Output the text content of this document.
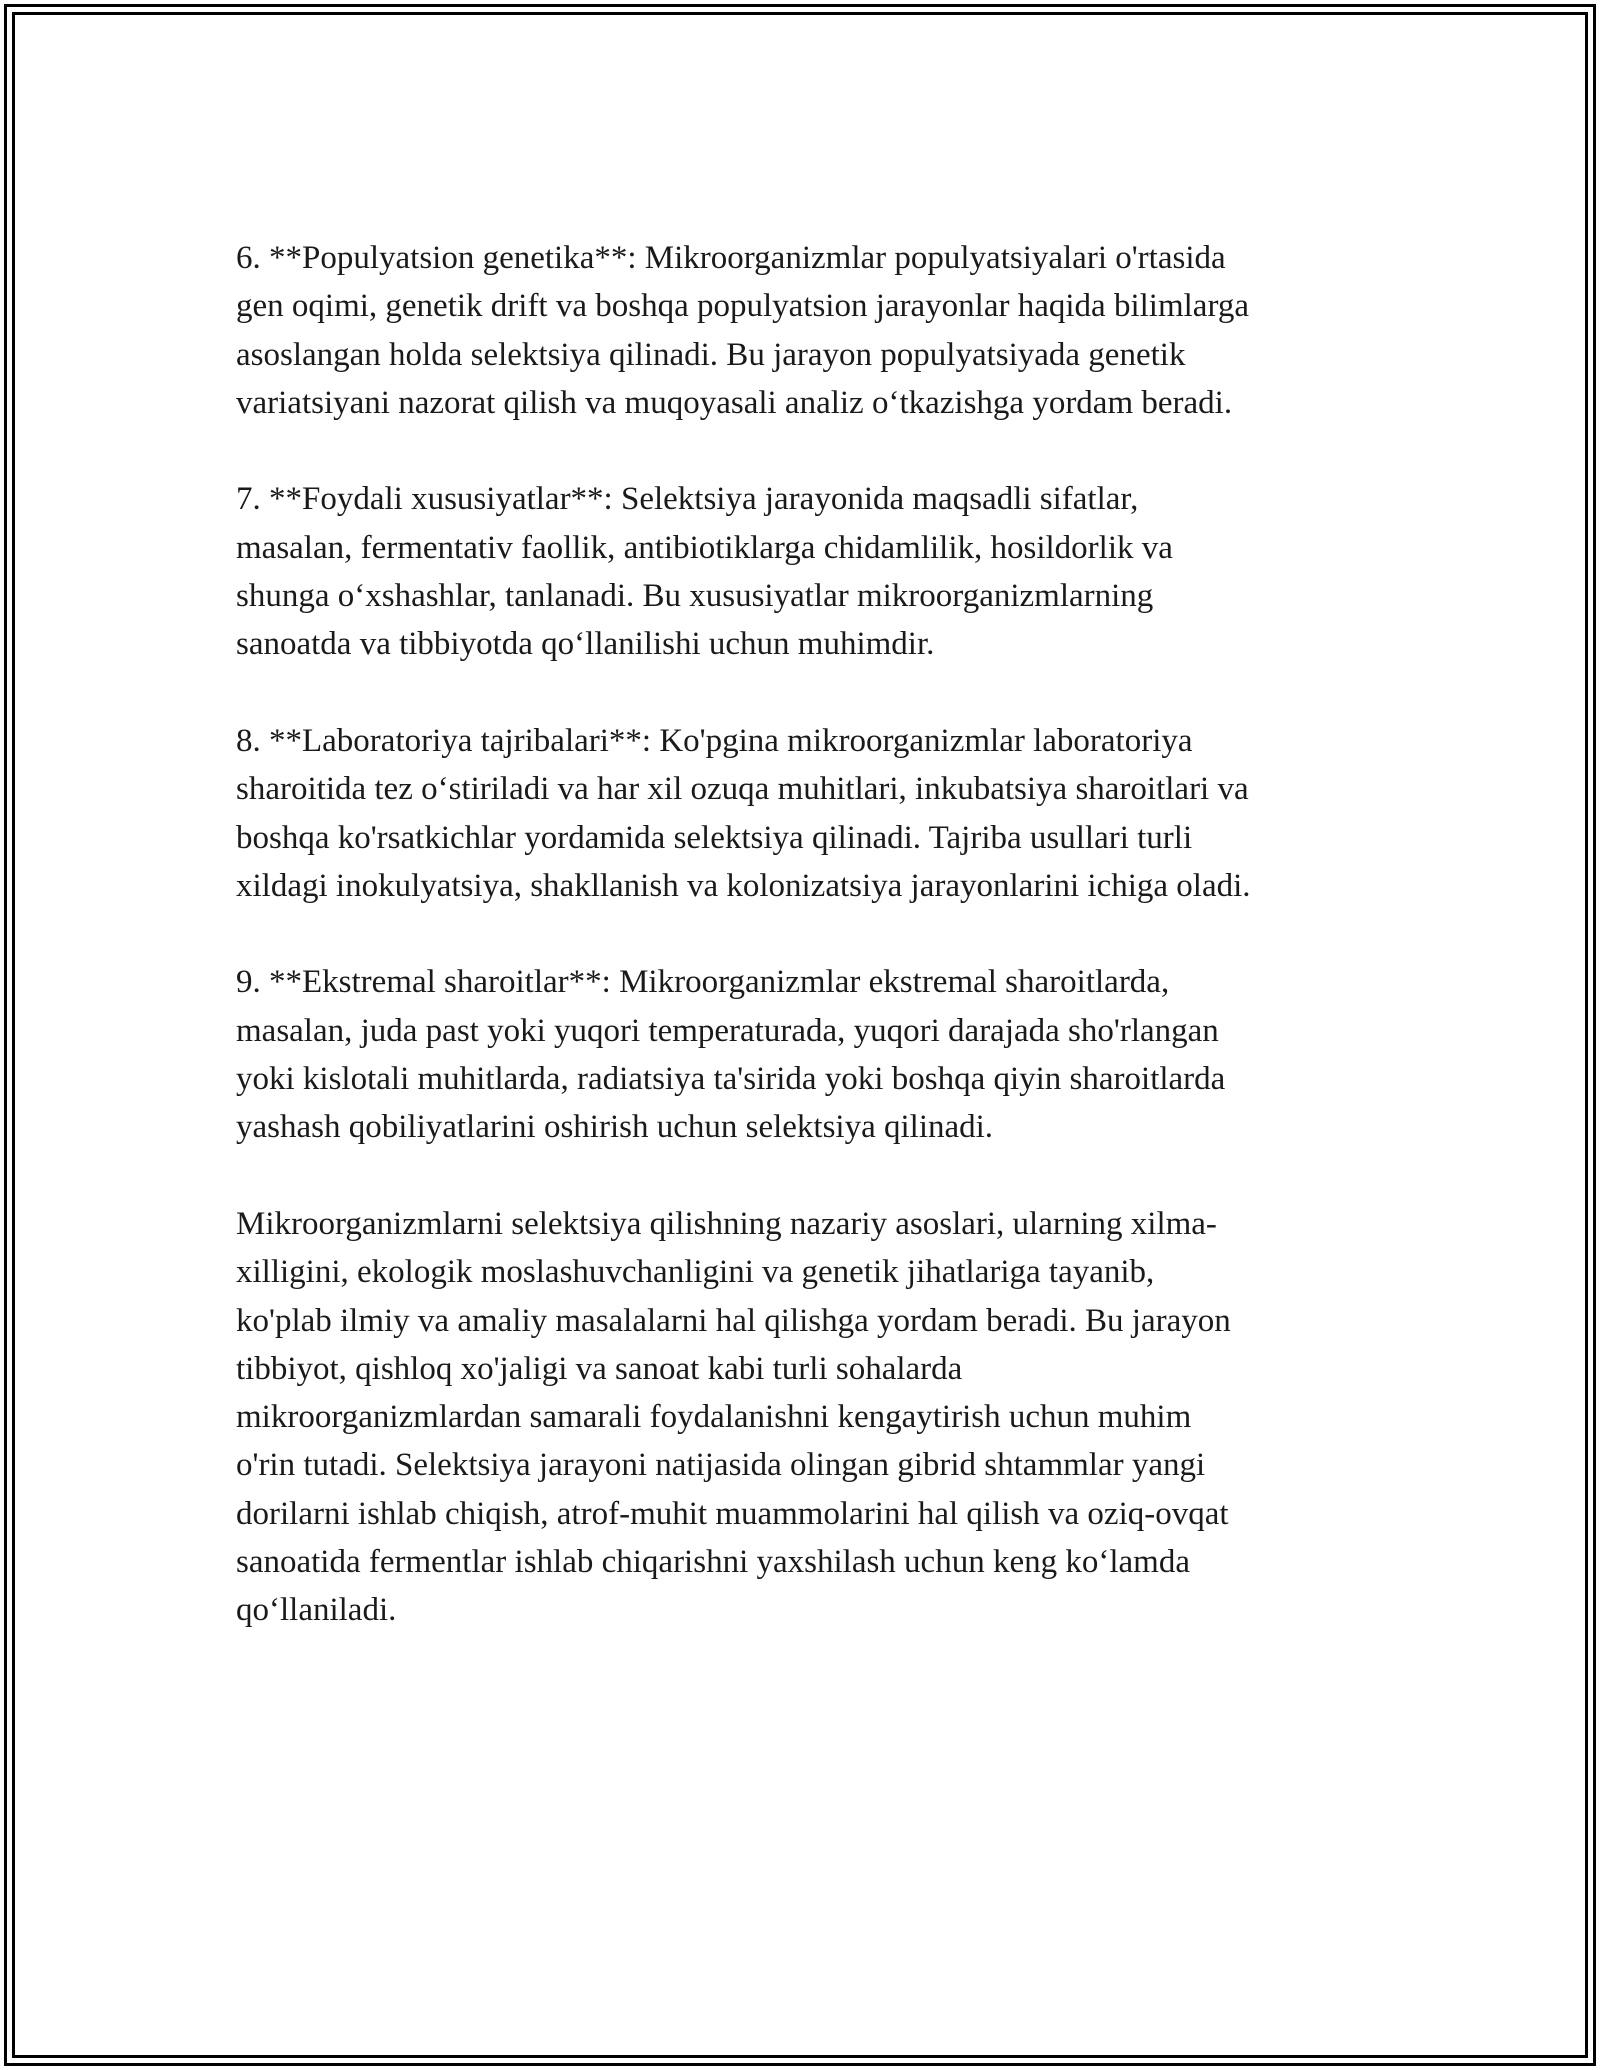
6. **Populyatsion genetika**: Mikroorganizmlar populyatsiyalari o'rtasida
gen oqimi, genetik drift va boshqa populyatsion jarayonlar haqida bilimlarga
asoslangan holda selektsiya qilinadi. Bu jarayon populyatsiyada genetik
variatsiyani nazorat qilish va muqoyasali analiz o‘tkazishga yordam beradi.

7. **Foydali xususiyatlar**: Selektsiya jarayonida maqsadli sifatlar,
masalan, fermentativ faollik, antibiotiklarga chidamlilik, hosildorlik va
shunga o‘xshashlar, tanlanadi. Bu xususiyatlar mikroorganizmlarning
sanoatda va tibbiyotda qo‘llanilishi uchun muhimdir.

8. **Laboratoriya tajribalari**: Ko'pgina mikroorganizmlar laboratoriya
sharoitida tez o‘stiriladi va har xil ozuqa muhitlari, inkubatsiya sharoitlari va
boshqa ko'rsatkichlar yordamida selektsiya qilinadi. Tajriba usullari turli
xildagi inokulyatsiya, shakllanish va kolonizatsiya jarayonlarini ichiga oladi.

9. **Ekstremal sharoitlar**: Mikroorganizmlar ekstremal sharoitlarda,
masalan, juda past yoki yuqori temperaturada, yuqori darajada sho'rlangan
yoki kislotali muhitlarda, radiatsiya ta'sirida yoki boshqa qiyin sharoitlarda
yashash qobiliyatlarini oshirish uchun selektsiya qilinadi.

Mikroorganizmlarni selektsiya qilishning nazariy asoslari, ularning xilma-
xilligini, ekologik moslashuvchanligini va genetik jihatlariga tayanib,
ko'plab ilmiy va amaliy masalalarni hal qilishga yordam beradi. Bu jarayon
tibbiyot, qishloq xo'jaligi va sanoat kabi turli sohalarda
mikroorganizmlardan samarali foydalanishni kengaytirish uchun muhim
o'rin tutadi. Selektsiya jarayoni natijasida olingan gibrid shtammlar yangi
dorilarni ishlab chiqish, atrof-muhit muammolarini hal qilish va oziq-ovqat
sanoatida fermentlar ishlab chiqarishni yaxshilash uchun keng ko‘lamda
qo‘llaniladi.
